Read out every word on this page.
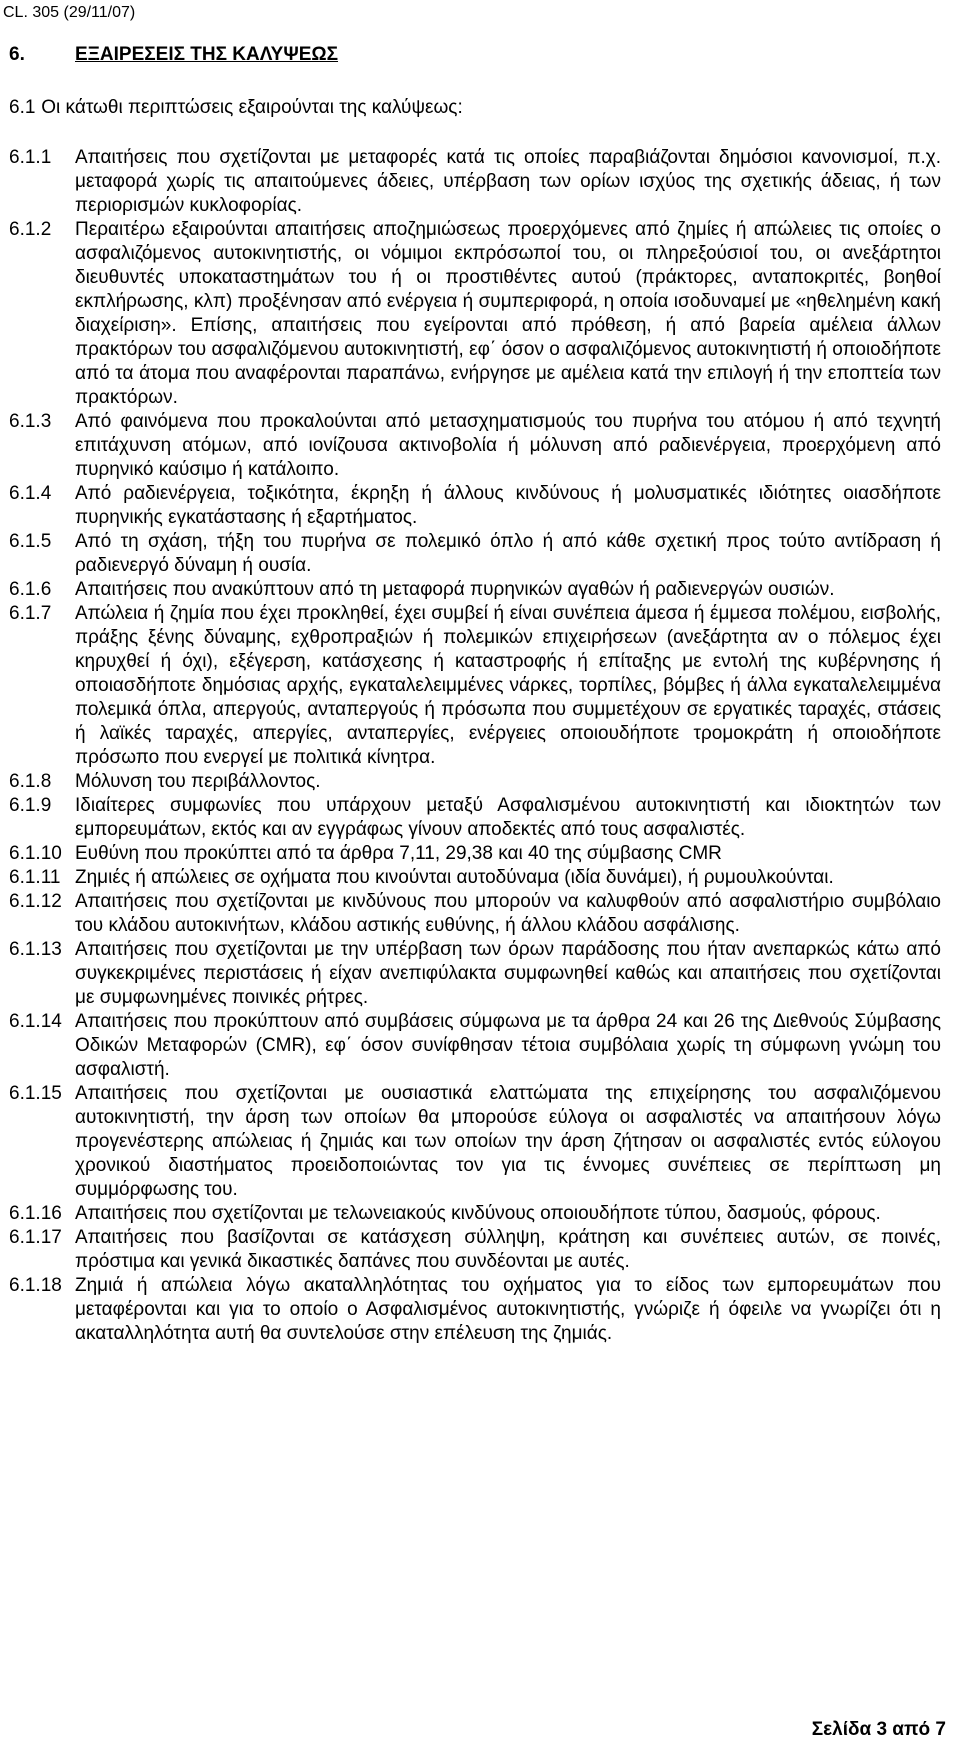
CL. 305 (29/11/07)
6.	ΕΞΑΙΡΕΣΕΙΣ ΤΗΣ ΚΑΛΥΨΕΩΣ
6.1 Οι κάτωθι περιπτώσεις εξαιρούνται της καλύψεως:
6.1.1	Απαιτήσεις που σχετίζονται με μεταφορές κατά τις οποίες παραβιάζονται δημόσιοι κανονισμοί, π.χ. μεταφορά χωρίς τις απαιτούμενες άδειες, υπέρβαση των ορίων ισχύος της σχετικής άδειας, ή των περιορισμών κυκλοφορίας.
6.1.2	Περαιτέρω εξαιρούνται απαιτήσεις αποζημιώσεως προερχόμενες από ζημίες ή απώλειες τις οποίες ο ασφαλιζόμενος αυτοκινητιστής, οι νόμιμοι εκπρόσωποί του, οι πληρεξούσιοί του, οι ανεξάρτητοι διευθυντές υποκαταστημάτων του ή οι προστιθέντες αυτού (πράκτορες, ανταποκριτές, βοηθοί εκπλήρωσης, κλπ) προξένησαν από ενέργεια ή συμπεριφορά, η οποία ισοδυναμεί με «ηθελημένη κακή διαχείριση». Επίσης, απαιτήσεις που εγείρονται από πρόθεση, ή από βαρεία αμέλεια άλλων πρακτόρων του ασφαλιζόμενου αυτοκινητιστή, εφ΄ όσον ο ασφαλιζόμενος αυτοκινητιστή ή οποιοδήποτε από τα άτομα που αναφέρονται παραπάνω, ενήργησε με αμέλεια κατά την επιλογή ή την εποπτεία των πρακτόρων.
6.1.3	Από φαινόμενα που προκαλούνται από μετασχηματισμούς του πυρήνα του ατόμου ή από τεχνητή επιτάχυνση ατόμων, από ιονίζουσα ακτινοβολία ή μόλυνση από ραδιενέργεια, προερχόμενη από πυρηνικό καύσιμο ή κατάλοιπο.
6.1.4	Από ραδιενέργεια, τοξικότητα, έκρηξη ή άλλους κινδύνους ή μολυσματικές ιδιότητες οιασδήποτε πυρηνικής εγκατάστασης ή εξαρτήματος.
6.1.5	Από τη σχάση, τήξη του πυρήνα σε πολεμικό όπλο ή από κάθε σχετική προς τούτο αντίδραση ή ραδιενεργό δύναμη ή ουσία.
6.1.6	Απαιτήσεις που ανακύπτουν από τη μεταφορά πυρηνικών αγαθών ή ραδιενεργών ουσιών.
6.1.7	Απώλεια ή ζημία που έχει προκληθεί, έχει συμβεί ή είναι συνέπεια άμεσα ή έμμεσα πολέμου, εισβολής, πράξης ξένης δύναμης, εχθροπραξιών ή πολεμικών επιχειρήσεων (ανεξάρτητα αν ο πόλεμος έχει κηρυχθεί ή όχι), εξέγερση, κατάσχεσης ή καταστροφής ή επίταξης με εντολή της κυβέρνησης ή οποιασδήποτε δημόσιας αρχής, εγκαταλελειμμένες νάρκες, τορπίλες, βόμβες ή άλλα εγκαταλελειμμένα πολεμικά όπλα, απεργούς, ανταπεργούς ή πρόσωπα που συμμετέχουν σε εργατικές ταραχές, στάσεις ή λαϊκές ταραχές, απεργίες, ανταπεργίες, ενέργειες οποιουδήποτε τρομοκράτη ή οποιοδήποτε πρόσωπο που ενεργεί με πολιτικά κίνητρα.
6.1.8	Μόλυνση του περιβάλλοντος.
6.1.9	Ιδιαίτερες συμφωνίες που υπάρχουν μεταξύ Ασφαλισμένου αυτοκινητιστή και ιδιοκτητών των εμπορευμάτων, εκτός και αν εγγράφως γίνουν αποδεκτές από τους ασφαλιστές.
6.1.10 Ευθύνη που προκύπτει από τα άρθρα 7,11, 29,38 και 40 της σύμβασης CMR
6.1.11 Ζημιές ή απώλειες σε οχήματα που κινούνται αυτοδύναμα (ιδία δυνάμει), ή ρυμουλκούνται.
6.1.12 Απαιτήσεις που σχετίζονται με κινδύνους που μπορούν να καλυφθούν από ασφαλιστήριο συμβόλαιο του κλάδου αυτοκινήτων, κλάδου αστικής ευθύνης, ή άλλου κλάδου ασφάλισης.
6.1.13 Απαιτήσεις που σχετίζονται με την υπέρβαση των όρων παράδοσης που ήταν ανεπαρκώς κάτω από συγκεκριμένες περιστάσεις ή είχαν ανεπιφύλακτα συμφωνηθεί καθώς και απαιτήσεις που σχετίζονται με συμφωνημένες ποινικές ρήτρες.
6.1.14 Απαιτήσεις που προκύπτουν από συμβάσεις σύμφωνα με τα άρθρα 24 και 26 της Διεθνούς Σύμβασης Οδικών Μεταφορών (CMR), εφ΄ όσον συνίφθησαν τέτοια συμβόλαια χωρίς τη σύμφωνη γνώμη του ασφαλιστή.
6.1.15 Απαιτήσεις που σχετίζονται με ουσιαστικά ελαττώματα της επιχείρησης του ασφαλιζόμενου αυτοκινητιστή, την άρση των οποίων θα μπορούσε εύλογα οι ασφαλιστές να απαιτήσουν λόγω προγενέστερης απώλειας ή ζημιάς και των οποίων την άρση ζήτησαν οι ασφαλιστές εντός εύλογου χρονικού διαστήματος προειδοποιώντας τον για τις έννομες συνέπειες σε περίπτωση μη συμμόρφωσης του.
6.1.16 Απαιτήσεις που σχετίζονται με τελωνειακούς κινδύνους οποιουδήποτε τύπου, δασμούς, φόρους.
6.1.17 Απαιτήσεις που βασίζονται σε κατάσχεση σύλληψη, κράτηση και συνέπειες αυτών, σε ποινές, πρόστιμα και γενικά δικαστικές δαπάνες που συνδέονται με αυτές.
6.1.18 Ζημιά ή απώλεια λόγω ακαταλληλότητας του οχήματος για το είδος των εμπορευμάτων που μεταφέρονται και για το οποίο ο Ασφαλισμένος αυτοκινητιστής, γνώριζε ή όφειλε να γνωρίζει ότι η ακαταλληλότητα αυτή θα συντελούσε στην επέλευση της ζημιάς.
Σελίδα 3 από 7
